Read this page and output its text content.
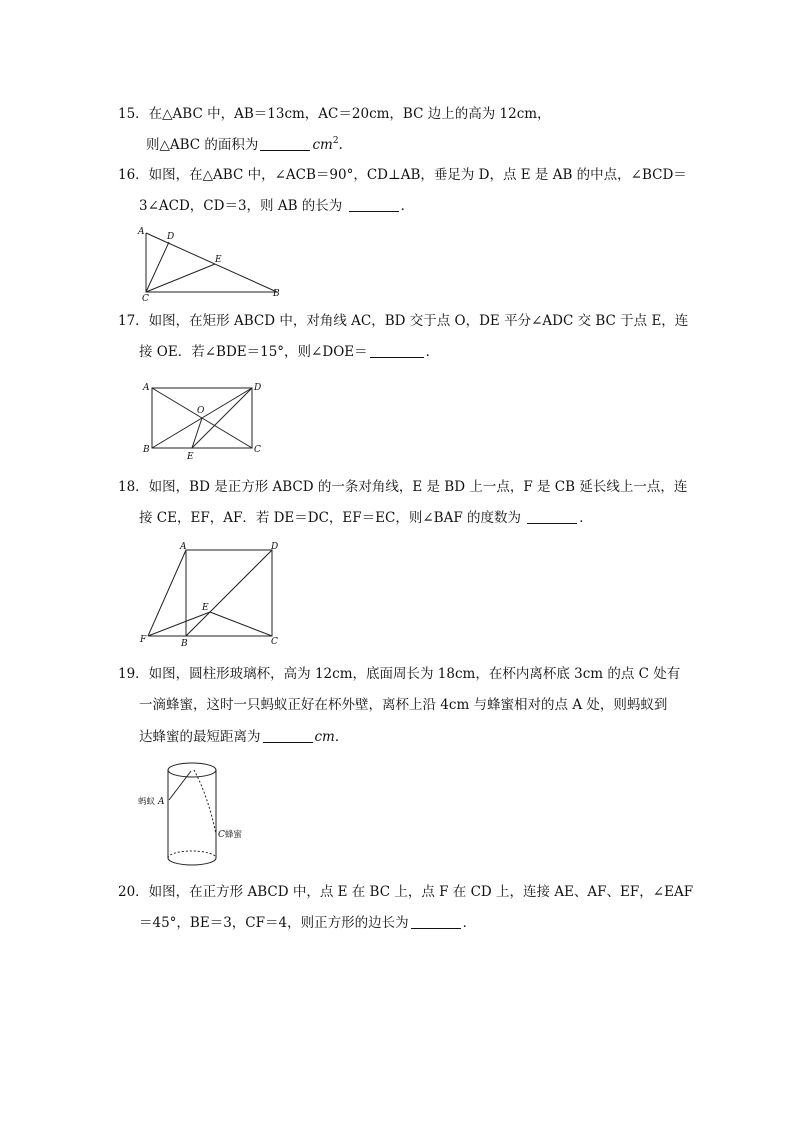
15．在△ABC 中，AB＝13cm，AC＝20cm，BC 边上的高为 12cm，
则△ABC 的面积为	$cm^2$.
16．如图，在△ABC 中，∠ACB＝90°，CD⊥AB，垂足为 D，点 E 是 AB 的中点，∠BCD＝
3∠ACD，CD＝3，则 AB 的长为	．
A	D
E
C	B
17．如图，在矩形 ABCD 中，对角线 AC，BD 交于点 O，DE 平分∠ADC 交 BC 于点 E，连
接 OE．若∠BDE＝15°，则∠DOE＝	．
A	D
O
B	C
E
18．如图，BD 是正方形 ABCD 的一条对角线，E 是 BD 上一点，F 是 CB 延长线上一点，连
接 CE，EF，AF．若 DE＝DC，EF＝EC，则∠BAF 的度数为	．
A	D
E
F	B	C
19．如图，圆柱形玻璃杯，高为 12cm，底面周长为 18cm，在杯内离杯底 3cm 的点 C 处有
一滴蜂蜜，这时一只蚂蚁正好在杯外壁，离杯上沿 4cm 与蜂蜜相对的点 A 处，则蚂蚁到
达蜂蜜的最短距离为	cm．
蚂蚁 A
C 蜂蜜
20．如图，在正方形 ABCD 中，点 E 在 BC 上，点 F 在 CD 上，连接 AE、AF、EF，∠EAF
＝45°，BE＝3，CF＝4，则正方形的边长为	．
